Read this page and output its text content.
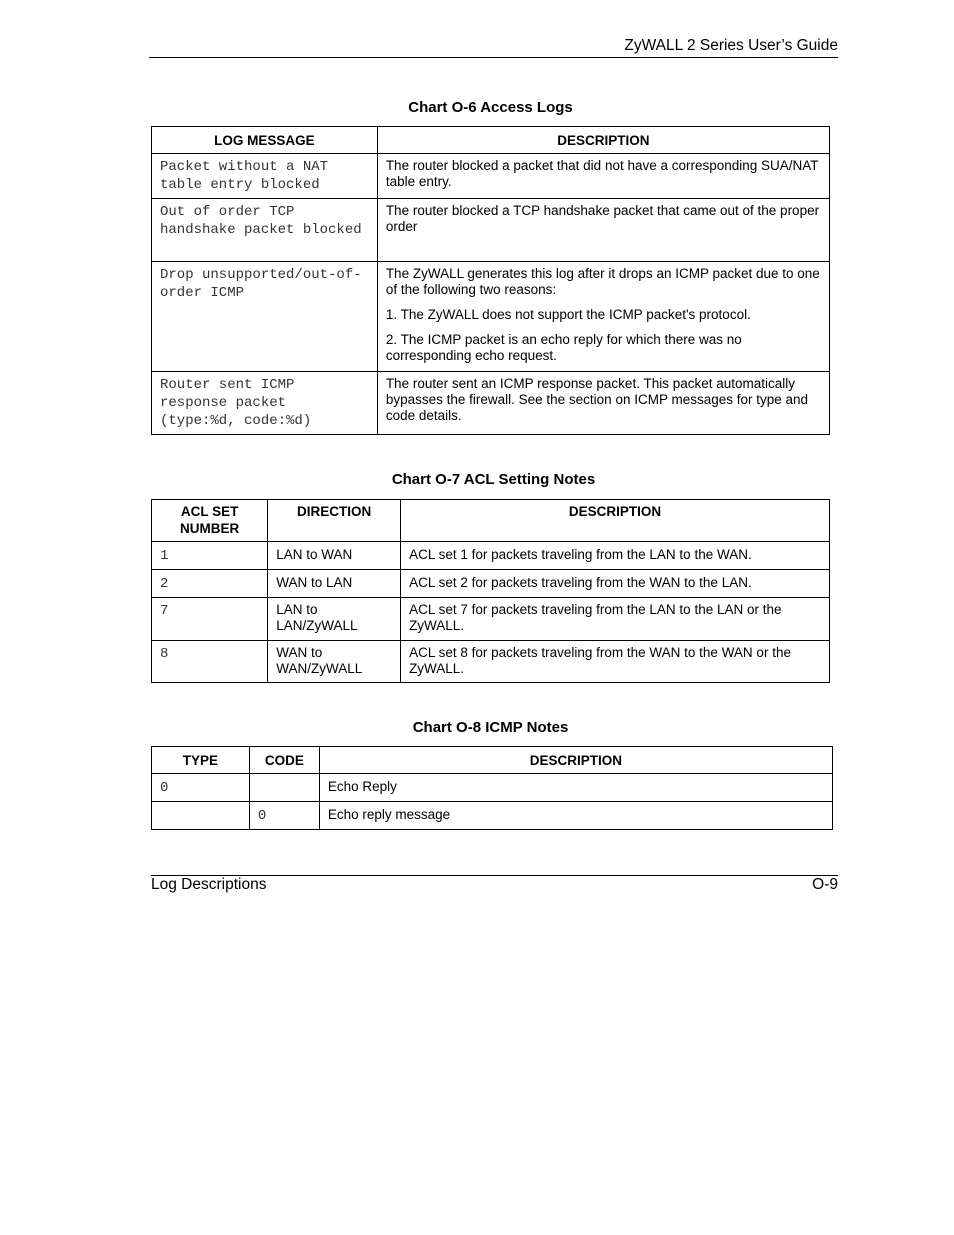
ZyWALL 2 Series User’s Guide
Chart O-6 Access Logs
LOG MESSAGE	DESCRIPTION
Packet without a NAT table entry blocked	The router blocked a packet that did not have a corresponding SUA/NAT table entry.

Out of order TCP handshake packet blocked	The router blocked a TCP handshake packet that came out of the proper order

Drop unsupported/out-of-order ICMP	The ZyWALL generates this log after it drops an ICMP packet due to one of the following two reasons:

1. The ZyWALL does not support the ICMP packet's protocol.

2. The ICMP packet is an echo reply for which there was no corresponding echo request.

Router sent ICMP response packet (type:%d, code:%d)	The router sent an ICMP response packet. This packet automatically bypasses the firewall. See the section on ICMP messages for type and code details.

Chart O-7 ACL Setting Notes
ACL SET NUMBER	DIRECTION	DESCRIPTION
1	LAN to WAN	ACL set 1 for packets traveling from the LAN to the WAN.
2	WAN to LAN	ACL set 2 for packets traveling from the WAN to the LAN.
7	LAN to LAN/ZyWALL	ACL set 7 for packets traveling from the LAN to the LAN or the ZyWALL.
8	WAN to WAN/ZyWALL	ACL set 8 for packets traveling from the WAN to the WAN or the ZyWALL.
Chart O-8 ICMP Notes
TYPE	CODE	DESCRIPTION
0		Echo Reply
	0	Echo reply message
Log Descriptions	O-9
